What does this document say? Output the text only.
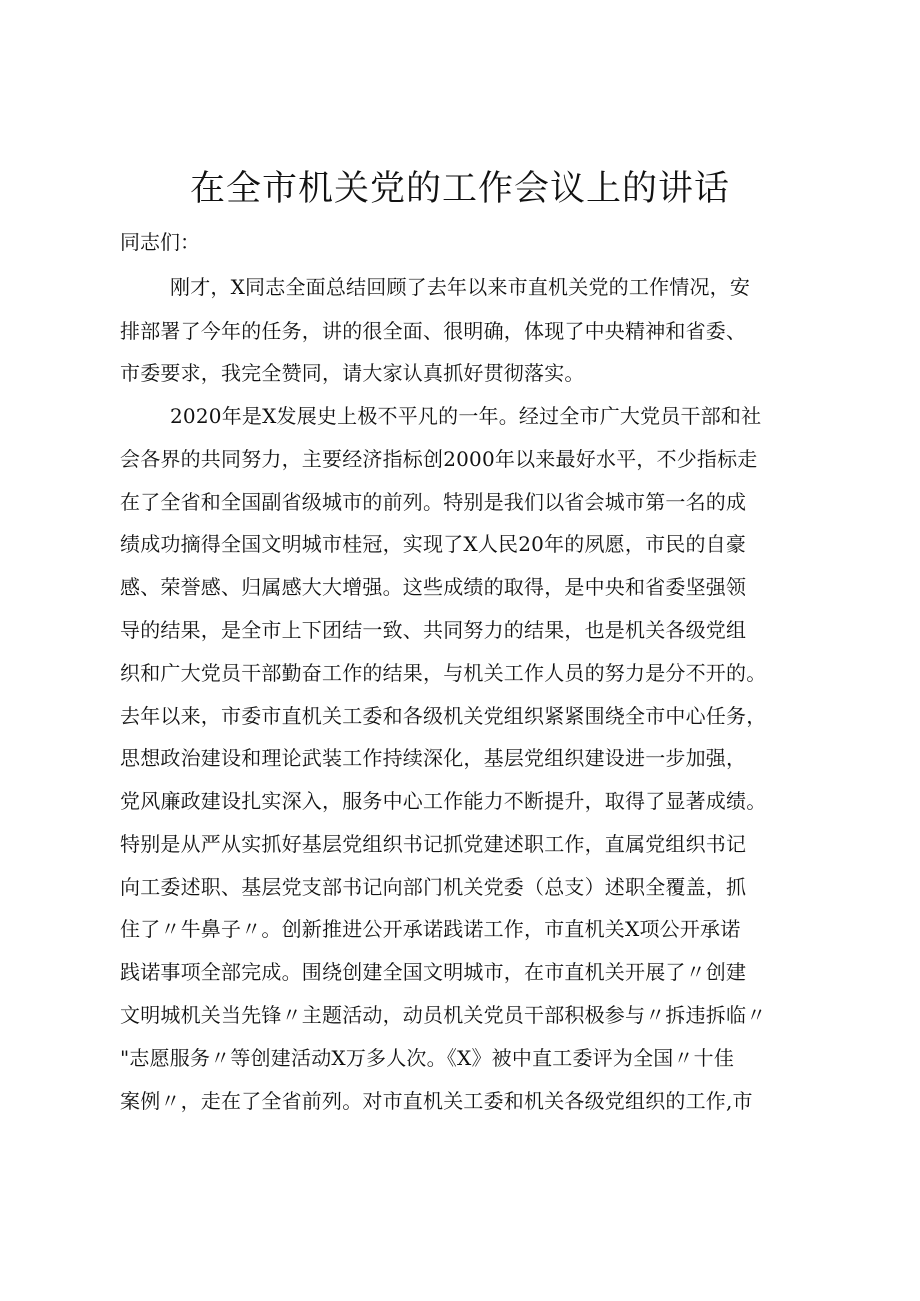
在全市机关党的工作会议上的讲话

同志们：

刚才，X同志全面总结回顾了去年以来市直机关党的工作情况，安

排部署了今年的任务，讲的很全面、很明确，体现了中央精神和省委、

市委要求，我完全赞同，请大家认真抓好贯彻落实。

2020年是X发展史上极不平凡的一年。经过全市广大党员干部和社

会各界的共同努力，主要经济指标创2000年以来最好水平，不少指标走

在了全省和全国副省级城市的前列。特别是我们以省会城市第一名的成

绩成功摘得全国文明城市桂冠，实现了X人民20年的夙愿，市民的自豪

感、荣誉感、归属感大大增强。这些成绩的取得，是中央和省委坚强领

导的结果，是全市上下团结一致、共同努力的结果，也是机关各级党组

织和广大党员干部勤奋工作的结果，与机关工作人员的努力是分不开的。

去年以来，市委市直机关工委和各级机关党组织紧紧围绕全市中心任务，

思想政治建设和理论武装工作持续深化，基层党组织建设进一步加强，

党风廉政建设扎实深入，服务中心工作能力不断提升，取得了显著成绩。

特别是从严从实抓好基层党组织书记抓党建述职工作，直属党组织书记

向工委述职、基层党支部书记向部门机关党委（总支）述职全覆盖，抓

住了〃牛鼻子〃。创新推进公开承诺践诺工作，市直机关X项公开承诺

践诺事项全部完成。围绕创建全国文明城市，在市直机关开展了〃创建

文明城机关当先锋〃主题活动，动员机关党员干部积极参与〃拆违拆临〃

"志愿服务〃等创建活动X万多人次。《X》被中直工委评为全国〃十佳

案例〃，走在了全省前列。对市直机关工委和机关各级党组织的工作,市
